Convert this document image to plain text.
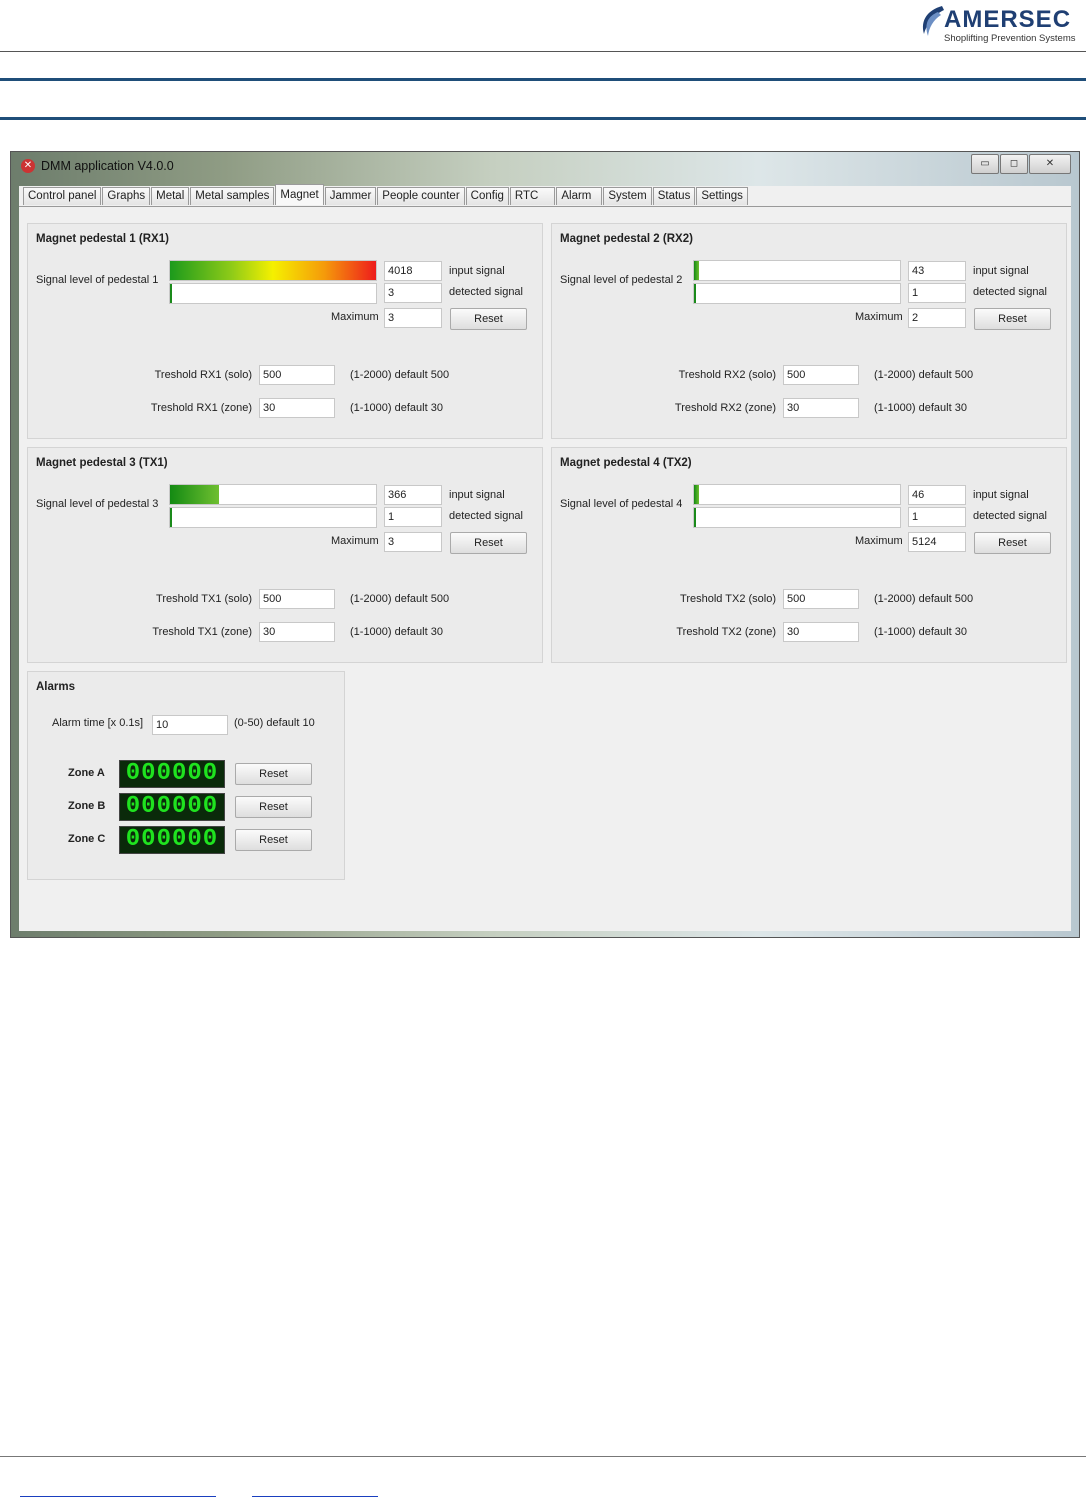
AMERSEC
Shoplifting Prevention Systems
✕ DMM application V4.0.0	▭	◻	✕
Control panel Graphs Metal Metal samples Magnet Jammer People counter Config RTC	Alarm	System Status Settings
Magnet pedestal 1 (RX1)
Signal level of pedestal 1
4018	input signal
3	detected signal
Maximum 3	Reset
Treshold RX1 (solo)	500	(1-2000) default 500
Treshold RX1 (zone)	30	(1-1000) default 30
Magnet pedestal 2 (RX2)
Signal level of pedestal 2
43	input signal
1	detected signal
Maximum 2	Reset
Treshold RX2 (solo)	500	(1-2000) default 500
Treshold RX2 (zone)	30	(1-1000) default 30
Magnet pedestal 3 (TX1)
Signal level of pedestal 3
366	input signal
1	detected signal
Maximum 3	Reset
Treshold TX1 (solo)	500	(1-2000) default 500
Treshold TX1 (zone)	30	(1-1000) default 30
Magnet pedestal 4 (TX2)
Signal level of pedestal 4
46	input signal
1	detected signal
Maximum 5124	Reset
Treshold TX2 (solo)	500	(1-2000) default 500
Treshold TX2 (zone)	30	(1-1000) default 30
Alarms
Alarm time [x 0.1s]	10	(0-50) default 10
Zone A 000000	Reset
Zone B 000000	Reset
Zone C 000000	Reset
